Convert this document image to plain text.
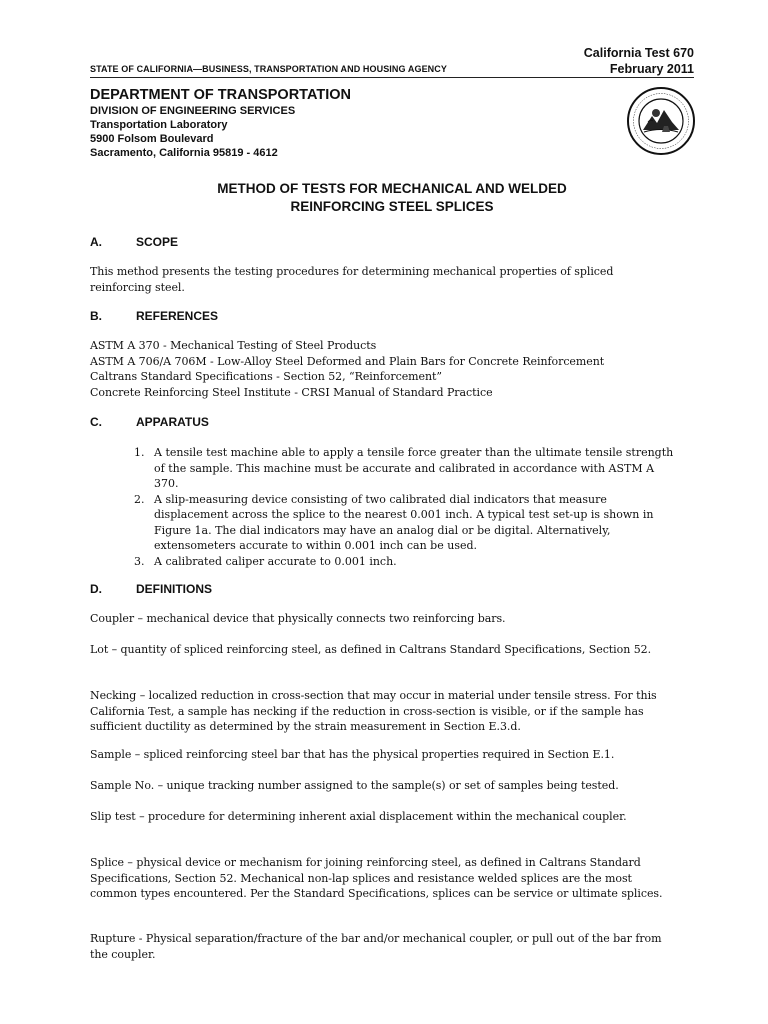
California Test 670
February 2011
STATE OF CALIFORNIA—BUSINESS, TRANSPORTATION AND HOUSING AGENCY
DEPARTMENT OF TRANSPORTATION
DIVISION OF ENGINEERING SERVICES
Transportation Laboratory
5900 Folsom Boulevard
Sacramento, California 95819 - 4612
METHOD OF TESTS FOR MECHANICAL AND WELDED
REINFORCING STEEL SPLICES
A.	SCOPE

This method presents the testing procedures for determining mechanical properties of spliced reinforcing steel.

B.	REFERENCES

ASTM A 370 - Mechanical Testing of Steel Products

ASTM A 706/A 706M - Low-Alloy Steel Deformed and Plain Bars for Concrete Reinforcement

Caltrans Standard Specifications - Section 52, “Reinforcement”

Concrete Reinforcing Steel Institute - CRSI Manual of Standard Practice

C.	APPARATUS
1. A tensile test machine able to apply a tensile force greater than the ultimate tensile strength of the sample. This machine must be accurate and calibrated in accordance with ASTM A 370.
2. A slip-measuring device consisting of two calibrated dial indicators that measure displacement across the splice to the nearest 0.001 inch. A typical test set-up is shown in Figure 1a. The dial indicators may have an analog dial or be digital. Alternatively, extensometers accurate to within 0.001 inch can be used.
3. A calibrated caliper accurate to 0.001 inch.
D.	DEFINITIONS

Coupler – mechanical device that physically connects two reinforcing bars.

Lot – quantity of spliced reinforcing steel, as defined in Caltrans Standard Specifications, Section 52.

Necking – localized reduction in cross-section that may occur in material under tensile stress. For this California Test, a sample has necking if the reduction in cross-section is visible, or if the sample has sufficient ductility as determined by the strain measurement in Section E.3.d.

Sample – spliced reinforcing steel bar that has the physical properties required in Section E.1.

Sample No. – unique tracking number assigned to the sample(s) or set of samples being tested.

Slip test – procedure for determining inherent axial displacement within the mechanical coupler.

Splice – physical device or mechanism for joining reinforcing steel, as defined in Caltrans Standard Specifications, Section 52. Mechanical non-lap splices and resistance welded splices are the most common types encountered. Per the Standard Specifications, splices can be service or ultimate splices.

Rupture - Physical separation/fracture of the bar and/or mechanical coupler, or pull out of the bar from the coupler.
